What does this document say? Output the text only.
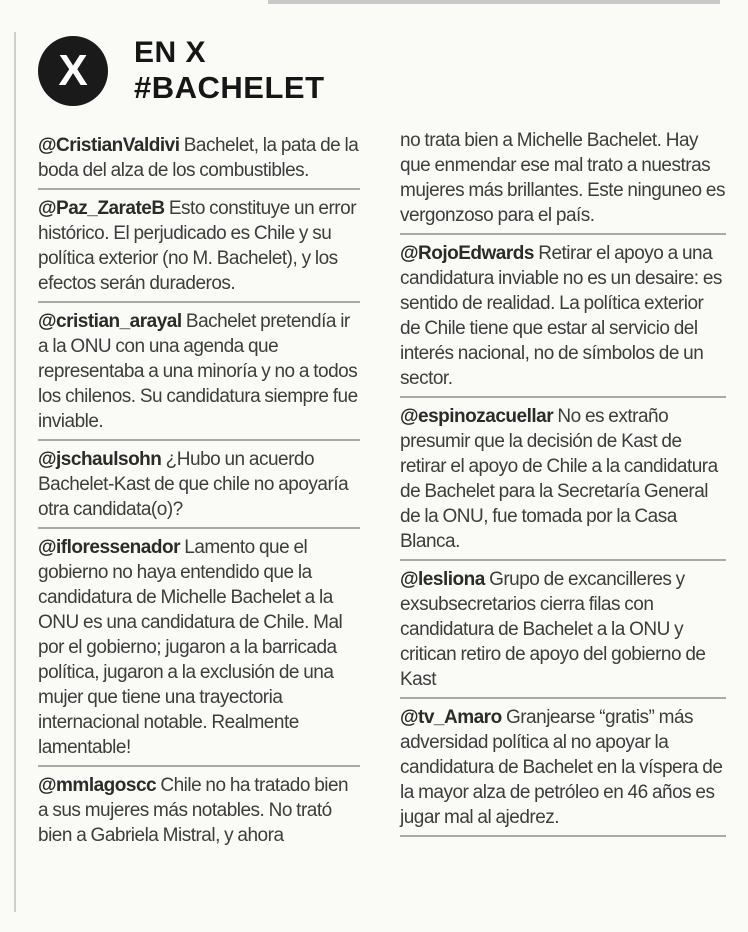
X	EN X
#BACHELET
@CristianValdivi Bachelet, la pata de la boda del alza de los combustibles.
@Paz_ZarateB Esto constituye un error histórico. El perjudicado es Chile y su política exterior (no M. Bachelet), y los efectos serán duraderos.
@cristian_arayal Bachelet pretendía ir a la ONU con una agenda que representaba a una minoría y no a todos los chilenos. Su candidatura siempre fue inviable.
@jschaulsohn ¿Hubo un acuerdo Bachelet-Kast de que chile no apoyaría otra candidata(o)?
@ifloressenador Lamento que el gobierno no haya entendido que la candidatura de Michelle Bachelet a la ONU es una candidatura de Chile. Mal por el gobierno; jugaron a la barricada política, jugaron a la exclusión de una mujer que tiene una trayectoria internacional notable. Realmente lamentable!
@mmlagoscc Chile no ha tratado bien a sus mujeres más notables. No trató bien a Gabriela Mistral, y ahora
no trata bien a Michelle Bachelet. Hay que enmendar ese mal trato a nuestras mujeres más brillantes. Este ninguneo es vergonzoso para el país.
@RojoEdwards Retirar el apoyo a una candidatura inviable no es un desaire: es sentido de realidad. La política exterior de Chile tiene que estar al servicio del interés nacional, no de símbolos de un sector.
@espinozacuellar No es extraño presumir que la decisión de Kast de retirar el apoyo de Chile a la candidatura de Bachelet para la Secretaría General de la ONU, fue tomada por la Casa Blanca.
@lesliona Grupo de excancilleres y exsubsecretarios cierra filas con candidatura de Bachelet a la ONU y critican retiro de apoyo del gobierno de Kast
@tv_Amaro Granjearse “gratis” más adversidad política al no apoyar la candidatura de Bachelet en la víspera de la mayor alza de petróleo en 46 años es jugar mal al ajedrez.
